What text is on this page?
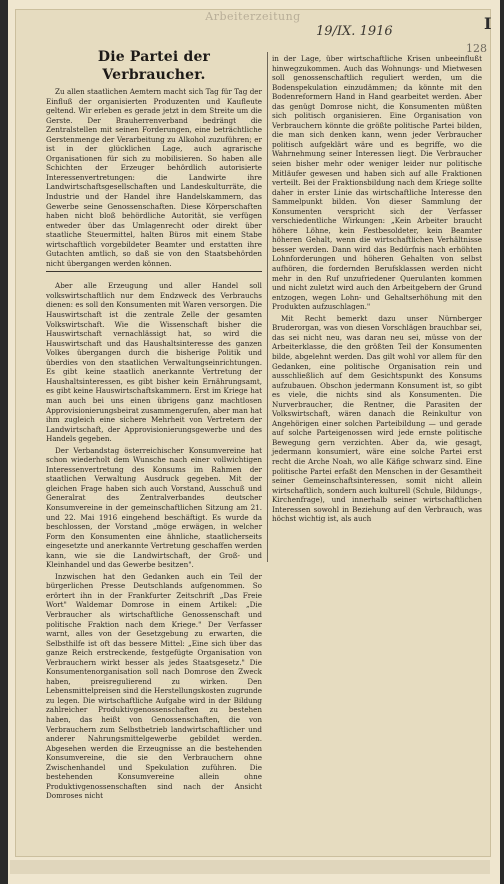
Arbeiterzeitung
19/IX. 1916	I
128
Die Partei der Verbraucher.

Zu allen staatlichen Aemtern macht sich Tag für Tag der Einfluß der organisierten Produzenten und Kaufleute geltend. Wir erleben es gerade jetzt in dem Streite um die Gerste. Der Brauherrenverband bedrängt die Zentralstellen mit seinen Forderungen, eine beträchtliche Gerstenmenge der Verarbeitung zu Alkohol zuzuführen; er ist in der glücklichen Lage, auch agrarische Organisationen für sich zu mobilisieren. So haben alle Schichten der Erzeuger behördlich autorisierte Interessenvertretungen: die Landwirte ihre Landwirtschaftsgesellschaften und Landeskulturräte, die Industrie und der Handel ihre Handelskammern, das Gewerbe seine Genossenschaften. Diese Körperschaften haben nicht bloß behördliche Autorität, sie verfügen entweder über das Umlagenrecht oder direkt über staatliche Steuermittel, halten Büros mit einem Stabe wirtschaftlich vorgebildeter Beamter und erstatten ihre Gutachten amtlich, so daß sie von den Staatsbehörden nicht übergangen werden können.

Aber alle Erzeugung und aller Handel soll volkswirtschaftlich nur dem Endzweck des Verbrauchs dienen: es soll den Konsumenten mit Waren versorgen. Die Hauswirtschaft ist die zentrale Zelle der gesamten Volkswirtschaft. Wie die Wissenschaft bisher die Hauswirtschaft vernachlässigt hat, so wird die Hauswirtschaft und das Haushaltsinteresse des ganzen Volkes übergangen durch die bisherige Politik und überdies von den staatlichen Verwaltungseinrichtungen. Es gibt keine staatlich anerkannte Vertretung der Haushaltsinteressen, es gibt bisher kein Ernährungsamt, es gibt keine Hauswirtschaftskammern. Erst im Kriege hat man auch bei uns einen übrigens ganz machtlosen Approvisionierungsbeirat zusammengerufen, aber man hat ihm zugleich eine sichere Mehrheit von Vertretern der Landwirtschaft, der Approvisionierungsgewerbe und des Handels gegeben.

Der Verbandstag österreichischer Konsumvereine hat schon wiederholt dem Wunsche nach einer vollwichtigen Interessenvertretung des Konsums im Rahmen der staatlichen Verwaltung Ausdruck gegeben. Mit der gleichen Frage haben sich auch Vorstand, Ausschuß und Generalrat des Zentralverbandes deutscher Konsumvereine in der gemeinschaftlichen Sitzung am 21. und 22. Mai 1916 eingehend beschäftigt. Es wurde da beschlossen, der Vorstand „möge erwägen, in welcher Form den Konsumenten eine ähnliche, staatlicherseits eingesetzte und anerkannte Vertretung geschaffen werden kann, wie sie die Landwirtschaft, der Groß- und Kleinhandel und das Gewerbe besitzen".

Inzwischen hat den Gedanken auch ein Teil der bürgerlichen Presse Deutschlands aufgenommen. So erörtert ihn in der Frankfurter Zeitschrift „Das Freie Wort" Waldemar Domrose in einem Artikel: „Die Verbraucher als wirtschaftliche Genossenschaft und politische Fraktion nach dem Kriege." Der Verfasser warnt, alles von der Gesetzgebung zu erwarten, die Selbsthilfe ist oft das bessere Mittel: „Eine sich über das ganze Reich erstreckende, festgefügte Organisation von Verbrauchern wirkt besser als jedes Staatsgesetz." Die Konsumentenorganisation soll nach Domrose den Zweck haben, preisregulierend zu wirken. Den Lebensmittelpreisen sind die Herstellungskosten zugrunde zu legen. Die wirtschaftliche Aufgabe wird in der Bildung zahlreicher Produktivgenossenschaften zu bestehen haben, das heißt von Genossenschaften, die von Verbrauchern zum Selbstbetrieb landwirtschaftlicher und anderer Nahrungsmittelgewerbe gebildet werden. Abgesehen werden die Erzeugnisse an die bestehenden Konsumvereine, die sie den Verbrauchern ohne Zwischenhandel und Spekulation zuführen. Die bestehenden Konsumvereine allein ohne Produktivgenossenschaften sind nach der Ansicht Domroses nicht

in der Lage, über wirtschaftliche Krisen unbeeinflußt hinwegzukommen. Auch das Wohnungs- und Mietwesen soll genossenschaftlich reguliert werden, um die Bodenspekulation einzudämmen; da könnte mit den Bodenreformern Hand in Hand gearbeitet werden. Aber das genügt Domrose nicht, die Konsumenten müßten sich politisch organisieren. Eine Organisation von Verbrauchern könnte die größte politische Partei bilden, die man sich denken kann, wenn jeder Verbraucher politisch aufgeklärt wäre und es begriffe, wo die Wahrnehmung seiner Interessen liegt. Die Verbraucher seien bisher mehr oder weniger leider nur politische Mitläufer gewesen und haben sich auf alle Fraktionen verteilt. Bei der Fraktionsbildung nach dem Kriege sollte daher in erster Linie das wirtschaftliche Interesse den Sammelpunkt bilden. Von dieser Sammlung der Konsumenten verspricht sich der Verfasser verschiedentliche Wirkungen: „Kein Arbeiter braucht höhere Löhne, kein Festbesoldeter, kein Beamter höheren Gehalt, wenn die wirtschaftlichen Verhältnisse besser werden. Dann wird das Bedürfnis nach erhöhten Lohnforderungen und höheren Gehalten von selbst aufhören, die fordernden Berufsklassen werden nicht mehr in den Ruf unzufriedener Querulanten kommen und nicht zuletzt wird auch den Arbeitgebern der Grund entzogen, wegen Lohn- und Gehaltserhöhung mit den Produkten aufzuschlagen."

Mit Recht bemerkt dazu unser Nürnberger Bruderorgan, was von diesen Vorschlägen brauchbar sei, das sei nicht neu, was daran neu sei, müsse von der Arbeiterklasse, die den größten Teil der Konsumenten bilde, abgelehnt werden. Das gilt wohl vor allem für den Gedanken, eine politische Organisation rein und ausschließlich auf dem Gesichtspunkt des Konsums aufzubauen. Obschon jedermann Konsument ist, so gibt es viele, die nichts sind als Konsumenten. Die Nurverbraucher, die Rentner, die Parasiten der Volkswirtschaft, wären danach die Reinkultur von Angehörigen einer solchen Parteibildung — und gerade auf solche Parteigenossen wird jede ernste politische Bewegung gern verzichten. Aber da, wie gesagt, jedermann konsumiert, wäre eine solche Partei erst recht die Arche Noah, wo alle Käfige schwarz sind. Eine politische Partei erfaßt den Menschen in der Gesamtheit seiner Gemeinschaftsinteressen, somit nicht allein wirtschaftlich, sondern auch kulturell (Schule, Bildungs-, Kirchenfrage), und innerhalb seiner wirtschaftlichen Interessen sowohl in Beziehung auf den Verbrauch, was höchst wichtig ist, als auch
